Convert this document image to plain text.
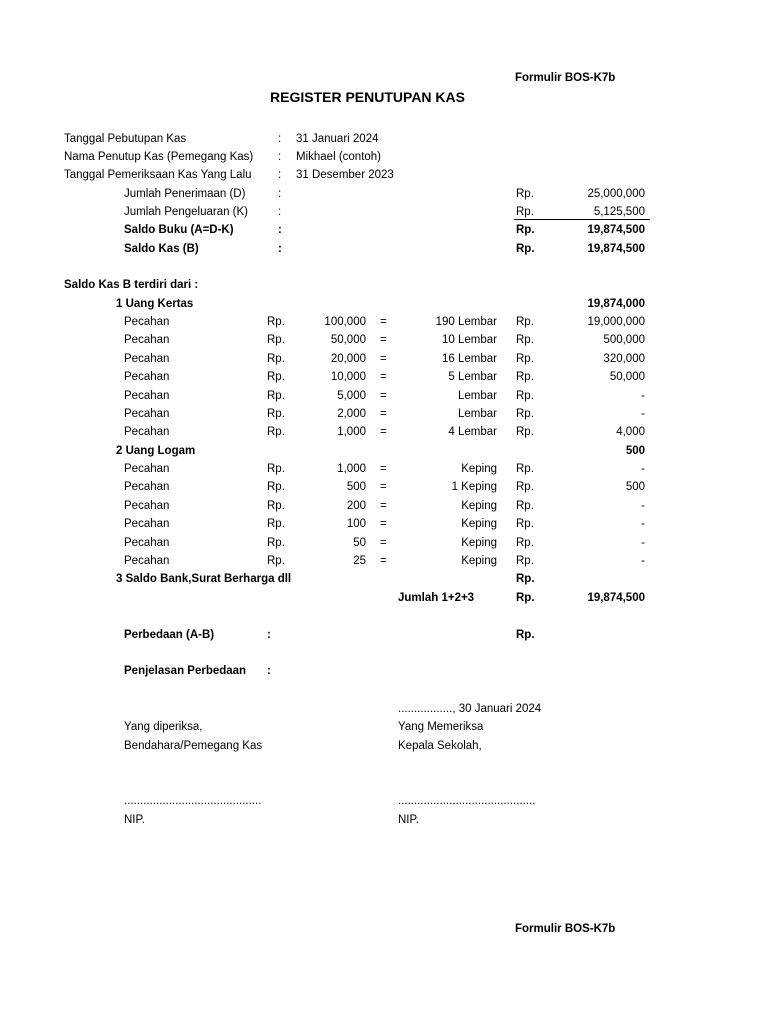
Formulir BOS-K7b
REGISTER PENUTUPAN KAS
Tanggal Pebutupan Kas	: 31 Januari 2024
Nama Penutup Kas (Pemegang Kas) : Mikhael (contoh)
Tanggal Pemeriksaan Kas Yang Lalu : 31 Desember 2023
Jumlah Penerimaan (D)	:	Rp.	25,000,000
Jumlah Pengeluaran (K)	:	Rp.	5,125,500
Saldo Buku (A=D-K)	:	Rp.	19,874,500
Saldo Kas (B)	:	Rp.	19,874,500
Saldo Kas B terdiri dari :
1 Uang Kertas	19,874,000
Pecahan	Rp.	100,000 =	190 Lembar Rp.	19,000,000
Pecahan	Rp.	50,000 =	10 Lembar Rp.	500,000
Pecahan	Rp.	20,000 =	16 Lembar Rp.	320,000
Pecahan	Rp.	10,000 =	5 Lembar Rp.	50,000
Pecahan	Rp.	5,000 =	Lembar Rp.	-
Pecahan	Rp.	2,000 =	Lembar Rp.	-
Pecahan	Rp.	1,000 =	4 Lembar Rp.	4,000
2 Uang Logam	500
Pecahan	Rp.	1,000 =	Keping Rp.	-
Pecahan	Rp.	500 =	1 Keping Rp.	500
Pecahan	Rp.	200 =	Keping Rp.	-
Pecahan	Rp.	100 =	Keping Rp.	-
Pecahan	Rp.	50 =	Keping Rp.	-
Pecahan	Rp.	25 =	Keping Rp.	-
3 Saldo Bank,Surat Berharga dll	Rp.
Jumlah 1+2+3	Rp.	19,874,500
Perbedaan (A-B)	:	Rp.
Penjelasan Perbedaan :
................., 30 Januari 2024
Yang diperiksa,	Yang Memeriksa
Bendahara/Pemegang Kas	Kepala Sekolah,
...........................................	...........................................
NIP.	NIP.
Formulir BOS-K7b
